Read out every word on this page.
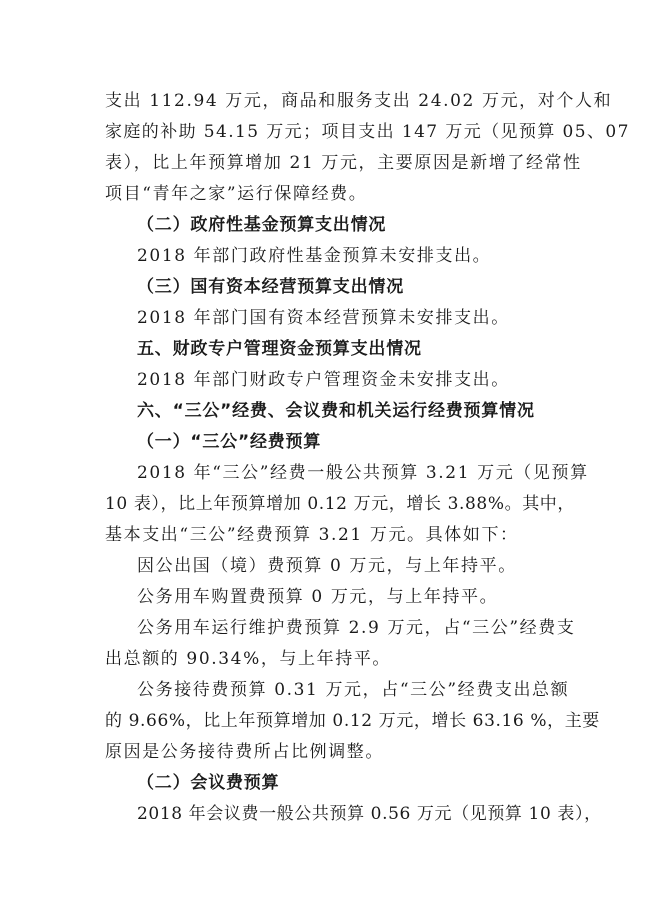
支出 112.94 万元，商品和服务支出 24.02 万元，对个人和
家庭的补助 54.15 万元；项目支出 147 万元（见预算 05、07
表），比上年预算增加 21 万元，主要原因是新增了经常性
项目“青年之家”运行保障经费。
（二）政府性基金预算支出情况
2018 年部门政府性基金预算未安排支出。
（三）国有资本经营预算支出情况
2018 年部门国有资本经营预算未安排支出。
五、财政专户管理资金预算支出情况
2018 年部门财政专户管理资金未安排支出。
六、“三公”经费、会议费和机关运行经费预算情况
（一）“三公”经费预算
2018 年“三公”经费一般公共预算 3.21 万元（见预算
10 表），比上年预算增加 0.12 万元，增长 3.88%。其中，
基本支出“三公”经费预算 3.21 万元。具体如下：
因公出国（境）费预算 0 万元，与上年持平。
公务用车购置费预算 0 万元，与上年持平。
公务用车运行维护费预算 2.9 万元，占“三公”经费支
出总额的 90.34%，与上年持平。
公务接待费预算 0.31 万元，占“三公”经费支出总额
的 9.66%，比上年预算增加 0.12 万元，增长 63.16 %，主要
原因是公务接待费所占比例调整。
（二）会议费预算
2018 年会议费一般公共预算 0.56 万元（见预算 10 表），
